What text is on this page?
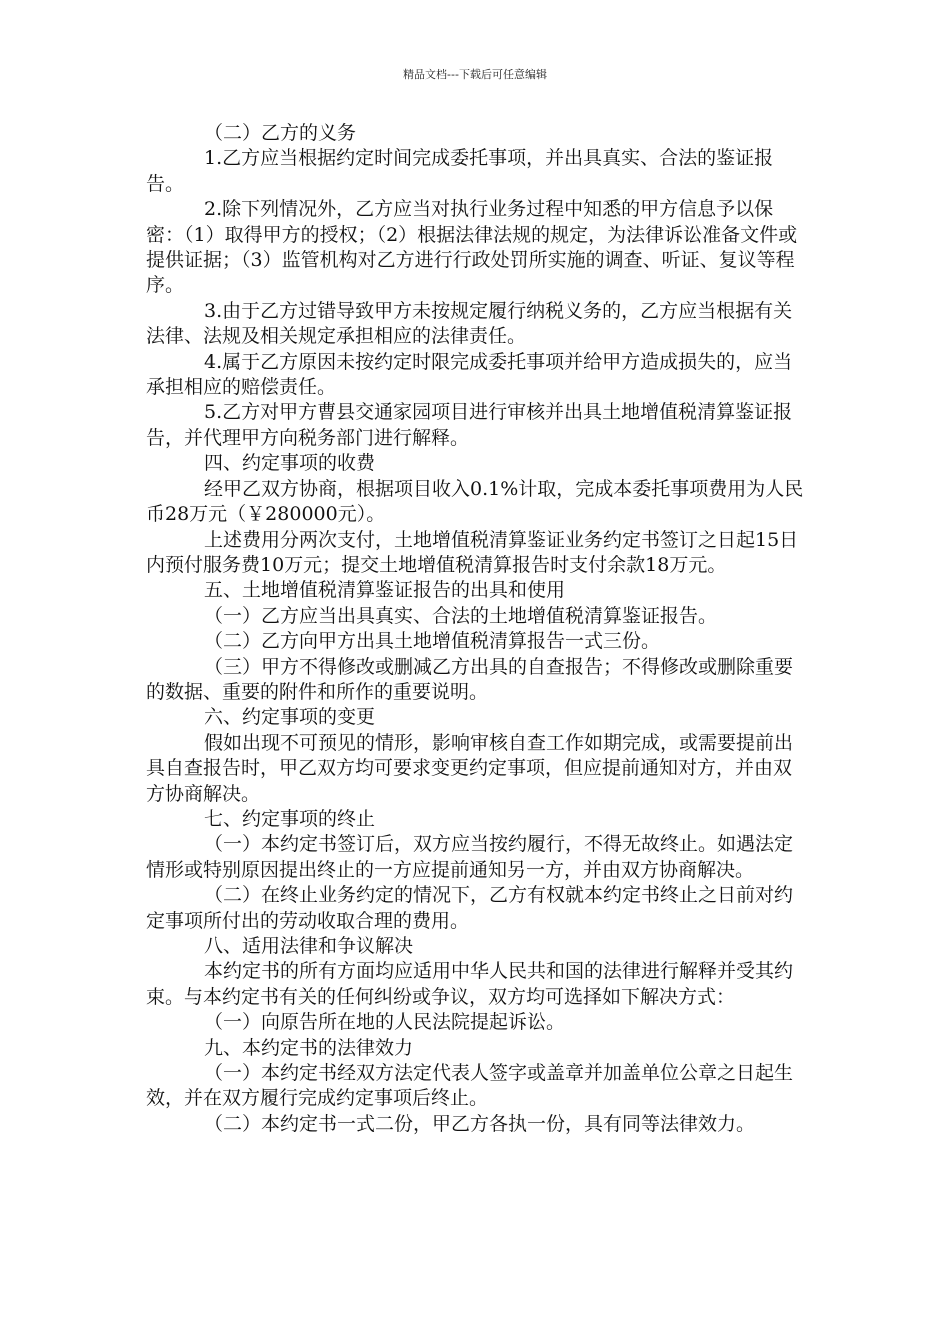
精品文档---下载后可任意编辑

（二）乙方的义务

1.乙方应当根据约定时间完成委托事项，并出具真实、合法的鉴证报告。

2.除下列情况外，乙方应当对执行业务过程中知悉的甲方信息予以保密：（1）取得甲方的授权；（2）根据法律法规的规定，为法律诉讼准备文件或提供证据；（3）监管机构对乙方进行行政处罚所实施的调查、听证、复议等程序。

3.由于乙方过错导致甲方未按规定履行纳税义务的，乙方应当根据有关法律、法规及相关规定承担相应的法律责任。

4.属于乙方原因未按约定时限完成委托事项并给甲方造成损失的，应当承担相应的赔偿责任。

5.乙方对甲方曹县交通家园项目进行审核并出具土地增值税清算鉴证报告，并代理甲方向税务部门进行解释。

四、约定事项的收费

经甲乙双方协商，根据项目收入0.1%计取，完成本委托事项费用为人民币28万元（￥280000元）。

上述费用分两次支付，土地增值税清算鉴证业务约定书签订之日起15日内预付服务费10万元；提交土地增值税清算报告时支付余款18万元。

五、土地增值税清算鉴证报告的出具和使用

（一）乙方应当出具真实、合法的土地增值税清算鉴证报告。

（二）乙方向甲方出具土地增值税清算报告一式三份。

（三）甲方不得修改或删减乙方出具的自查报告；不得修改或删除重要的数据、重要的附件和所作的重要说明。

六、约定事项的变更

假如出现不可预见的情形，影响审核自查工作如期完成，或需要提前出具自查报告时，甲乙双方均可要求变更约定事项，但应提前通知对方，并由双方协商解决。

七、约定事项的终止

（一）本约定书签订后，双方应当按约履行，不得无故终止。如遇法定情形或特别原因提出终止的一方应提前通知另一方，并由双方协商解决。

（二）在终止业务约定的情况下，乙方有权就本约定书终止之日前对约定事项所付出的劳动收取合理的费用。

八、适用法律和争议解决

本约定书的所有方面均应适用中华人民共和国的法律进行解释并受其约束。与本约定书有关的任何纠纷或争议，双方均可选择如下解决方式：

（一）向原告所在地的人民法院提起诉讼。

九、本约定书的法律效力

（一）本约定书经双方法定代表人签字或盖章并加盖单位公章之日起生效，并在双方履行完成约定事项后终止。

（二）本约定书一式二份，甲乙方各执一份，具有同等法律效力。
